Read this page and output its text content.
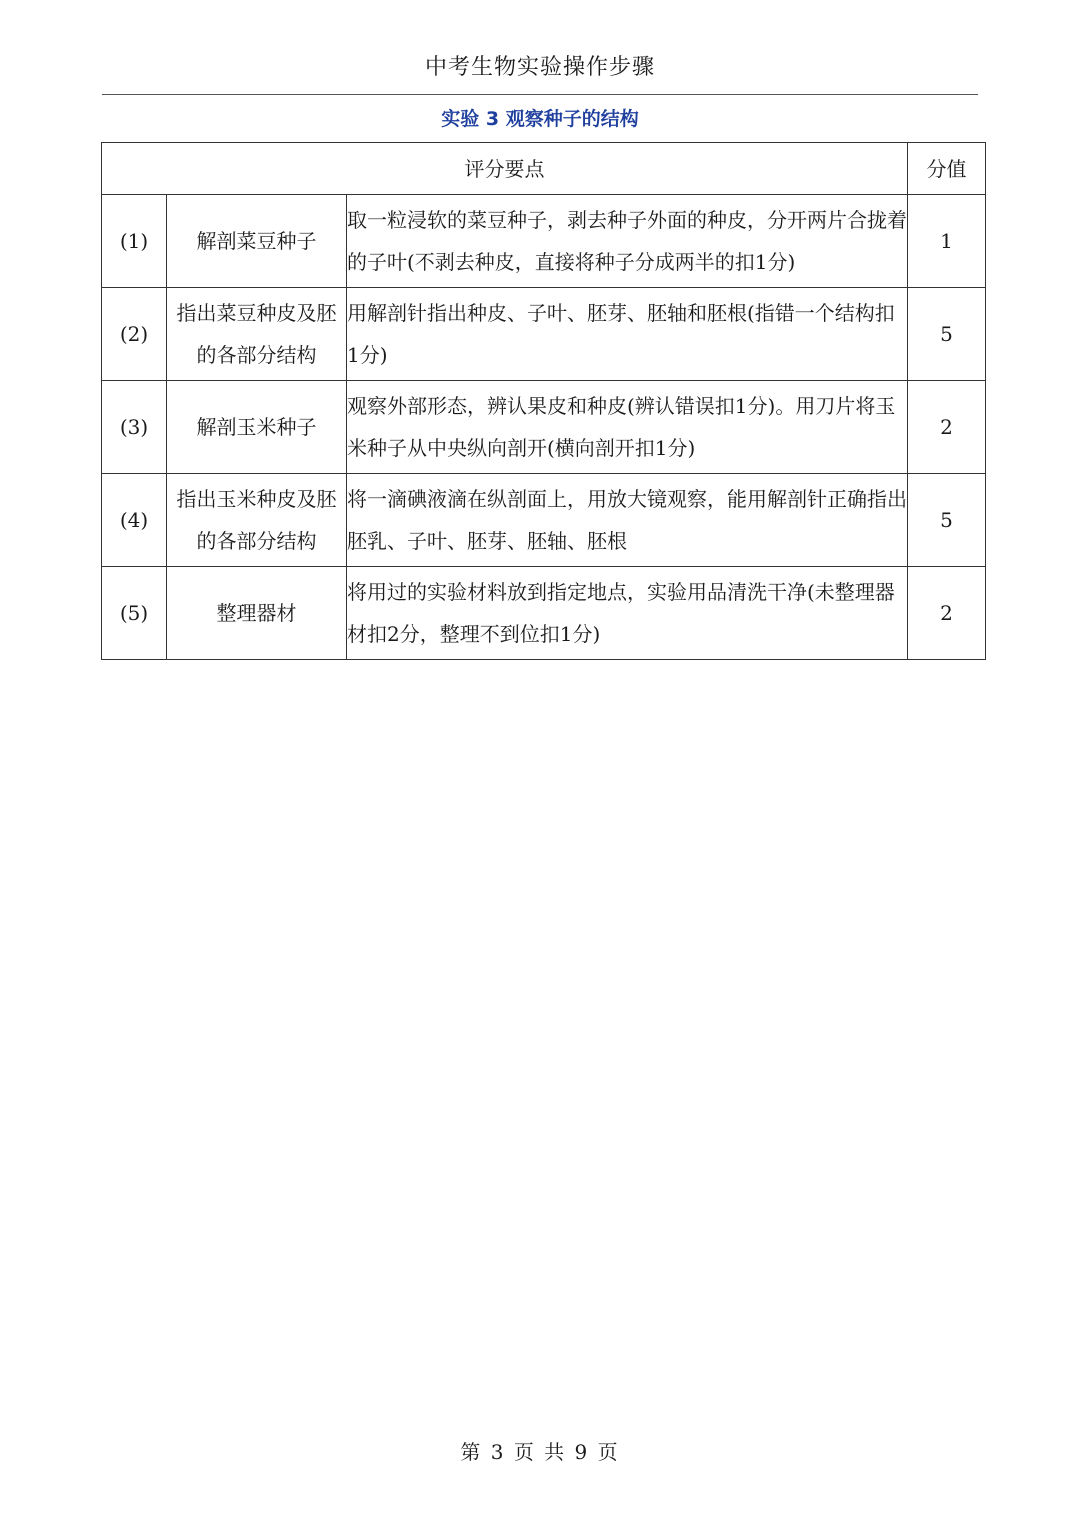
中考生物实验操作步骤
实验 3 观察种子的结构
评分要点			分值
(1)	解剖菜豆种子	取一粒浸软的菜豆种子，剥去种子外面的种皮，分开两片合拢着的子叶(不剥去种皮，直接将种子分成两半的扣1分)	1
(2)	指出菜豆种皮及胚的各部分结构	用解剖针指出种皮、子叶、胚芽、胚轴和胚根(指错一个结构扣1分)	5
(3)	解剖玉米种子	观察外部形态，辨认果皮和种皮(辨认错误扣1分)。用刀片将玉米种子从中央纵向剖开(横向剖开扣1分)	2
(4)	指出玉米种皮及胚的各部分结构	将一滴碘液滴在纵剖面上，用放大镜观察，能用解剖针正确指出胚乳、子叶、胚芽、胚轴、胚根	5
(5)	整理器材	将用过的实验材料放到指定地点，实验用品清洗干净(未整理器材扣2分，整理不到位扣1分)	2
第 3 页 共 9 页
